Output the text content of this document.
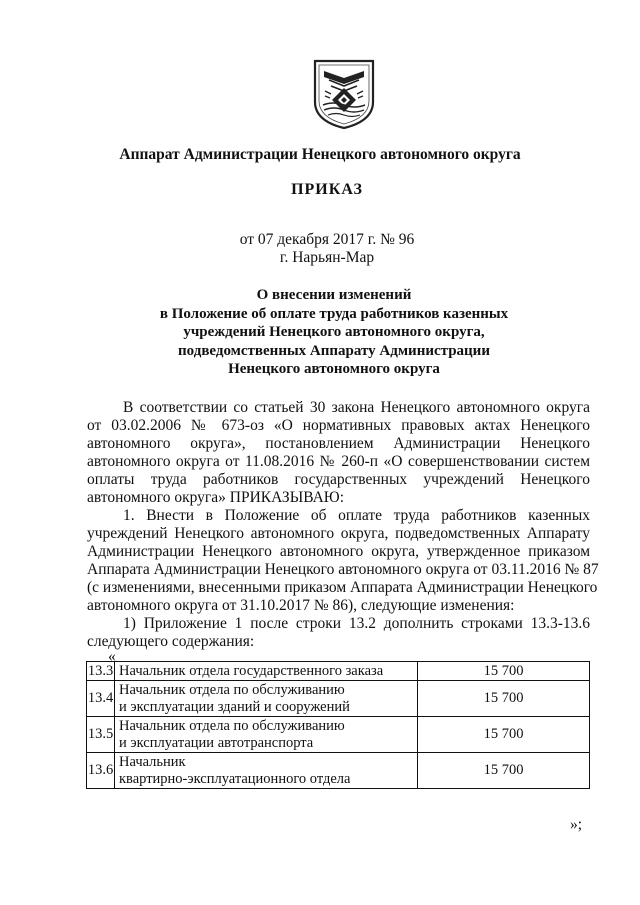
Аппарат Администрации Ненецкого автономного округа
ПРИКАЗ
от 07 декабря 2017 г. № 96
г. Нарьян-Мар
О внесении изменений
в Положение об оплате труда работников казенных
учреждений Ненецкого автономного округа,
подведомственных Аппарату Администрации
Ненецкого автономного округа
В соответствии со статьей 30 закона Ненецкого автономного округа
от 03.02.2006 № 673-оз «О нормативных правовых актах Ненецкого
автономного округа», постановлением Администрации Ненецкого
автономного округа от 11.08.2016 № 260-п «О совершенствовании систем
оплаты труда работников государственных учреждений Ненецкого
автономного округа» ПРИКАЗЫВАЮ:
1. Внести в Положение об оплате труда работников казенных
учреждений Ненецкого автономного округа, подведомственных Аппарату
Администрации Ненецкого автономного округа, утвержденное приказом
Аппарата Администрации Ненецкого автономного округа от 03.11.2016 № 87
(с изменениями, внесенными приказом Аппарата Администрации Ненецкого
автономного округа от 31.10.2017 № 86), следующие изменения:
1) Приложение 1 после строки 13.2 дополнить строками 13.3-13.6
следующего содержания:
«
13.3	Начальник отдела государственного заказа	15 700
13.4	Начальник отдела по обслуживанию
и эксплуатации зданий и сооружений	15 700
13.5	Начальник отдела по обслуживанию
и эксплуатации автотранспорта	15 700
13.6	Начальник
квартирно-эксплуатационного отдела	15 700
»;
